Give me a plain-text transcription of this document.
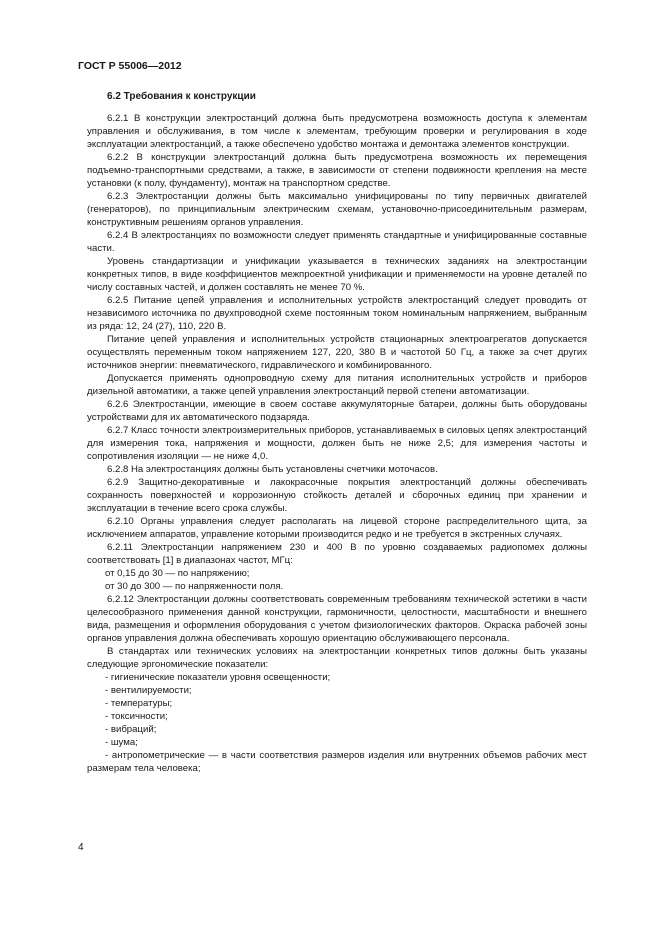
ГОСТ Р 55006—2012
6.2 Требования к конструкции

6.2.1 В конструкции электростанций должна быть предусмотрена возможность доступа к элементам управления и обслуживания, в том числе к элементам, требующим проверки и регулирования в ходе эксплуатации электростанций, а также обеспечено удобство монтажа и демонтажа элементов конструкции.

6.2.2 В конструкции электростанций должна быть предусмотрена возможность их перемещения подъемно-транспортными средствами, а также, в зависимости от степени подвижности крепления на месте установки (к полу, фундаменту), монтаж на транспортном средстве.

6.2.3 Электростанции должны быть максимально унифицированы по типу первичных двигателей (генераторов), по принципиальным электрическим схемам, установочно-присоединительным размерам, конструктивным решениям органов управления.

6.2.4 В электростанциях по возможности следует применять стандартные и унифицированные составные части.

Уровень стандартизации и унификации указывается в технических заданиях на электростанции конкретных типов, в виде коэффициентов межпроектной унификации и применяемости на уровне деталей по числу составных частей, и должен составлять не менее 70 %.

6.2.5 Питание цепей управления и исполнительных устройств электростанций следует проводить от независимого источника по двухпроводной схеме постоянным током номинальным напряжением, выбранным из ряда: 12, 24 (27), 110, 220 В.

Питание цепей управления и исполнительных устройств стационарных электроагрегатов допускается осуществлять переменным током напряжением 127, 220, 380 В и частотой 50 Гц, а также за счет других источников энергии: пневматического, гидравлического и комбинированного.

Допускается применять однопроводную схему для питания исполнительных устройств и приборов дизельной автоматики, а также цепей управления электростанций первой степени автоматизации.

6.2.6 Электростанции, имеющие в своем составе аккумуляторные батареи, должны быть оборудованы устройствами для их автоматического подзаряда.

6.2.7 Класс точности электроизмерительных приборов, устанавливаемых в силовых цепях электростанций для измерения тока, напряжения и мощности, должен быть не ниже 2,5; для измерения частоты и сопротивления изоляции — не ниже 4,0.

6.2.8 На электростанциях должны быть установлены счетчики моточасов.

6.2.9 Защитно-декоративные и лакокрасочные покрытия электростанций должны обеспечивать сохранность поверхностей и коррозионную стойкость деталей и сборочных единиц при хранении и эксплуатации в течение всего срока службы.

6.2.10 Органы управления следует располагать на лицевой стороне распределительного щита, за исключением аппаратов, управление которыми производится редко и не требуется в экстренных случаях.

6.2.11 Электростанции напряжением 230 и 400 В по уровню создаваемых радиопомех должны соответствовать [1] в диапазонах частот, МГц:

от 0,15 до 30 — по напряжению;

от 30 до 300 — по напряженности поля.

6.2.12 Электростанции должны соответствовать современным требованиям технической эстетики в части целесообразного применения данной конструкции, гармоничности, целостности, масштабности и внешнего вида, размещения и оформления оборудования с учетом физиологических факторов. Окраска рабочей зоны органов управления должна обеспечивать хорошую ориентацию обслуживающего персонала.

В стандартах или технических условиях на электростанции конкретных типов должны быть указаны следующие эргономические показатели:

- гигиенические показатели уровня освещенности;

- вентилируемости;

- температуры;

- токсичности;

- вибраций;

- шума;

- антропометрические — в части соответствия размеров изделия или внутренних объемов рабочих мест размерам тела человека;

4
